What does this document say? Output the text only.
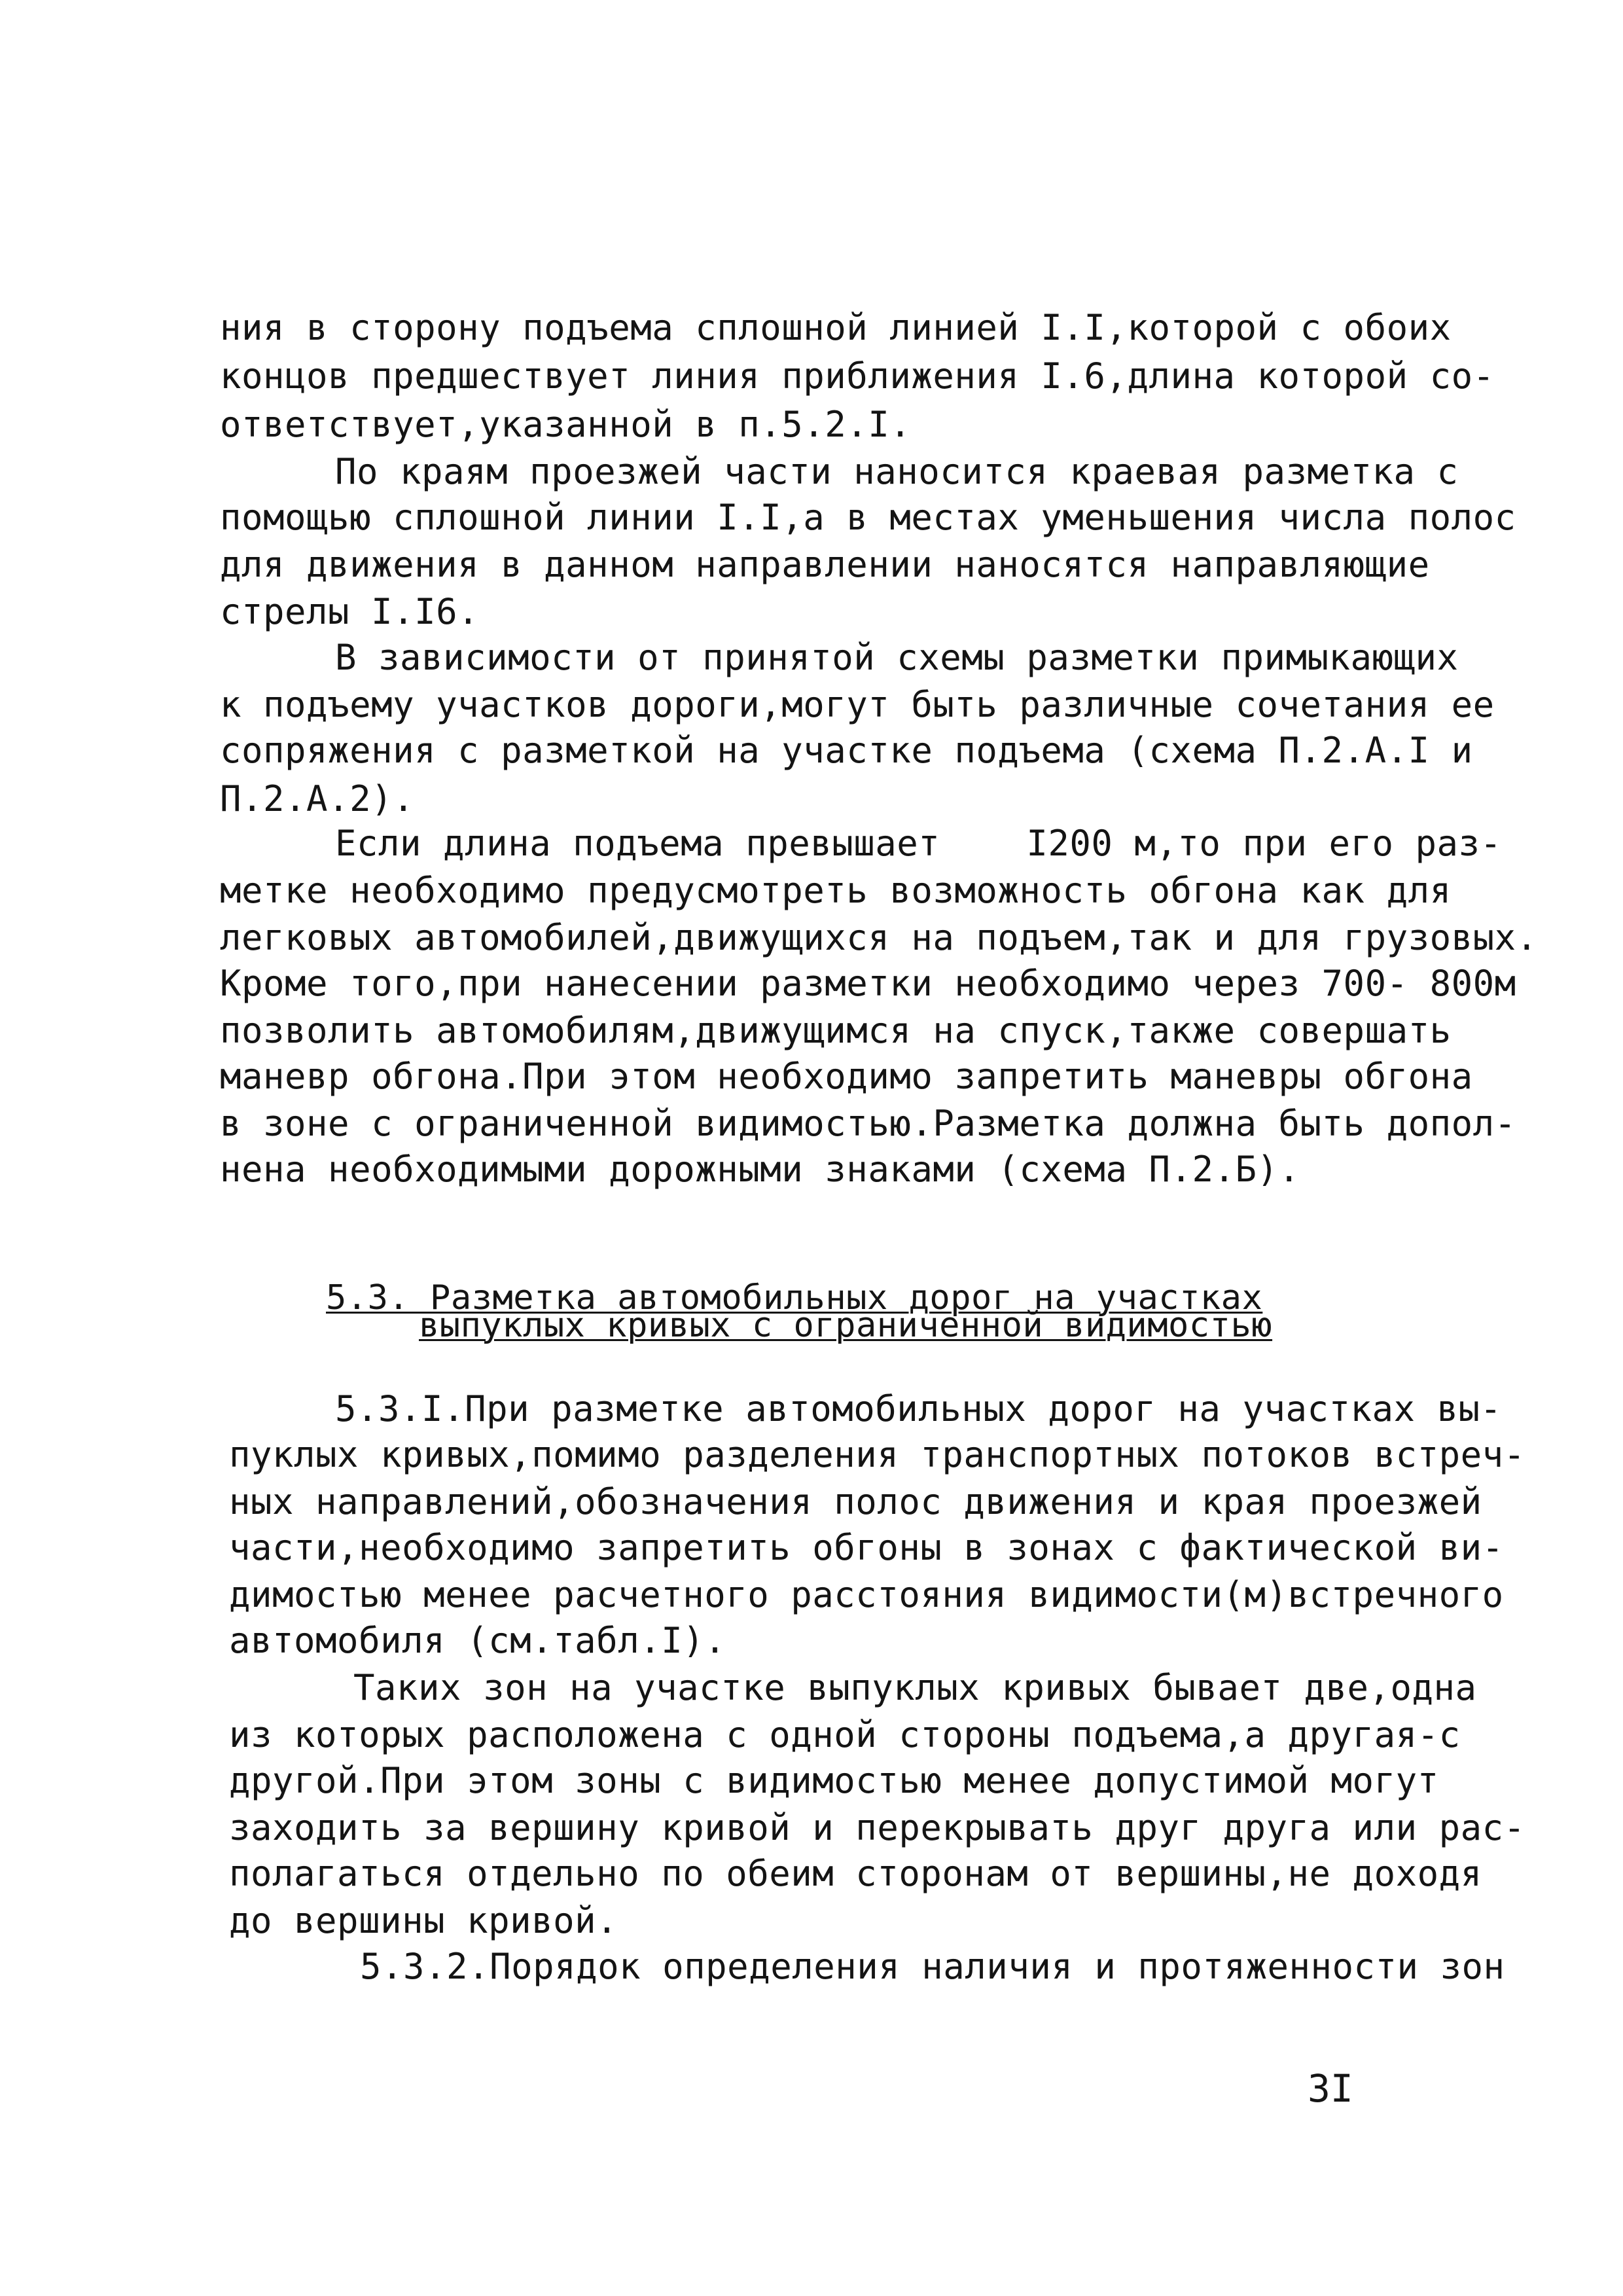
ния в сторону подъема сплошной линией I.I,которой с обоих
концов предшествует линия приближения I.6,длина которой со-
ответствует,указанной в п.5.2.I.
По краям проезжей части наносится краевая разметка с
помощью сплошной линии I.I,а в местах уменьшения числа полос
для движения в данном направлении наносятся направляющие
стрелы I.I6.
В зависимости от принятой схемы разметки примыкающих
к подъему участков дороги,могут быть различные сочетания ее
сопряжения с разметкой на участке подъема (схема П.2.А.I и
П.2.А.2).
Если длина подъема превышает    I200 м,то при его раз-
метке необходимо предусмотреть возможность обгона как для
легковых автомобилей,движущихся на подъем,так и для грузовых.
Кроме того,при нанесении разметки необходимо через 700- 800м
позволить автомобилям,движущимся на спуск,также совершать
маневр обгона.При этом необходимо запретить маневры обгона
в зоне с ограниченной видимостью.Разметка должна быть допол-
нена необходимыми дорожными знаками (схема П.2.Б).
5.3. Разметка автомобильных дорог на участках
выпуклых кривых с ограниченной видимостью
5.3.I.При разметке автомобильных дорог на участках вы-
пуклых кривых,помимо разделения транспортных потоков встреч-
ных направлений,обозначения полос движения и края проезжей
части,необходимо запретить обгоны в зонах с фактической ви-
димостью менее расчетного расстояния видимости(м)встречного
автомобиля (см.табл.I).
Таких зон на участке выпуклых кривых бывает две,одна
из которых расположена с одной стороны подъема,а другая-с
другой.При этом зоны с видимостью менее допустимой могут
заходить за вершину кривой и перекрывать друг друга или рас-
полагаться отдельно по обеим сторонам от вершины,не доходя
до вершины кривой.
5.3.2.Порядок определения наличия и протяженности зон
3I
